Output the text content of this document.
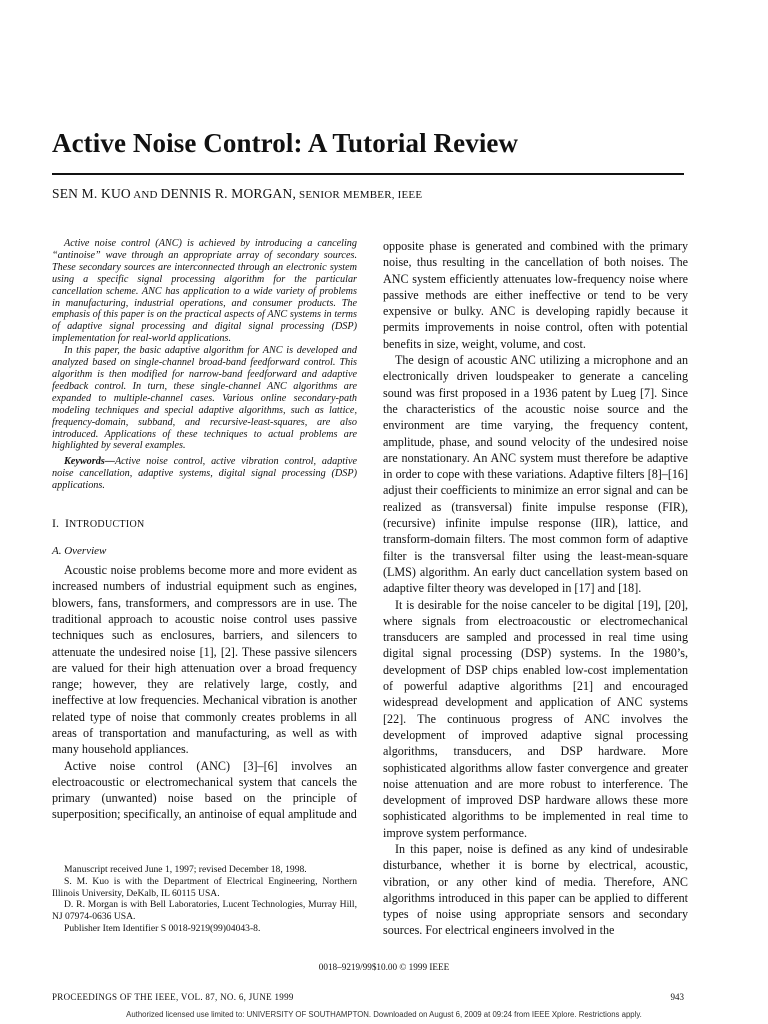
Active Noise Control: A Tutorial Review
SEN M. KUO AND DENNIS R. MORGAN, SENIOR MEMBER, IEEE

Active noise control (ANC) is achieved by introducing a canceling “antinoise” wave through an appropriate array of secondary sources. These secondary sources are interconnected through an electronic system using a specific signal processing algorithm for the particular cancellation scheme. ANC has application to a wide variety of problems in manufacturing, industrial operations, and consumer products. The emphasis of this paper is on the practical aspects of ANC systems in terms of adaptive signal processing and digital signal processing (DSP) implementation for real-world applications.

In this paper, the basic adaptive algorithm for ANC is developed and analyzed based on single-channel broad-band feedforward control. This algorithm is then modified for narrow-band feedforward and adaptive feedback control. In turn, these single-channel ANC algorithms are expanded to multiple-channel cases. Various online secondary-path modeling techniques and special adaptive algorithms, such as lattice, frequency-domain, subband, and recursive-least-squares, are also introduced. Applications of these techniques to actual problems are highlighted by several examples.

Keywords—Active noise control, active vibration control, adaptive noise cancellation, adaptive systems, digital signal processing (DSP) applications.

I. INTRODUCTION
A. Overview

Acoustic noise problems become more and more evident as increased numbers of industrial equipment such as engines, blowers, fans, transformers, and compressors are in use. The traditional approach to acoustic noise control uses passive techniques such as enclosures, barriers, and silencers to attenuate the undesired noise [1], [2]. These passive silencers are valued for their high attenuation over a broad frequency range; however, they are relatively large, costly, and ineffective at low frequencies. Mechanical vibration is another related type of noise that commonly creates problems in all areas of transportation and manufacturing, as well as with many household appliances.

Active noise control (ANC) [3]–[6] involves an electroacoustic or electromechanical system that cancels the primary (unwanted) noise based on the principle of superposition; specifically, an antinoise of equal amplitude and

Manuscript received June 1, 1997; revised December 18, 1998.

S. M. Kuo is with the Department of Electrical Engineering, Northern Illinois University, DeKalb, IL 60115 USA.

D. R. Morgan is with Bell Laboratories, Lucent Technologies, Murray Hill, NJ 07974-0636 USA.

Publisher Item Identifier S 0018-9219(99)04043-8.

opposite phase is generated and combined with the primary noise, thus resulting in the cancellation of both noises. The ANC system efficiently attenuates low-frequency noise where passive methods are either ineffective or tend to be very expensive or bulky. ANC is developing rapidly because it permits improvements in noise control, often with potential benefits in size, weight, volume, and cost.

The design of acoustic ANC utilizing a microphone and an electronically driven loudspeaker to generate a canceling sound was first proposed in a 1936 patent by Lueg [7]. Since the characteristics of the acoustic noise source and the environment are time varying, the frequency content, amplitude, phase, and sound velocity of the undesired noise are nonstationary. An ANC system must therefore be adaptive in order to cope with these variations. Adaptive filters [8]–[16] adjust their coefficients to minimize an error signal and can be realized as (transversal) finite impulse response (FIR), (recursive) infinite impulse response (IIR), lattice, and transform-domain filters. The most common form of adaptive filter is the transversal filter using the least-mean-square (LMS) algorithm. An early duct cancellation system based on adaptive filter theory was developed in [17] and [18].

It is desirable for the noise canceler to be digital [19], [20], where signals from electroacoustic or electromechanical transducers are sampled and processed in real time using digital signal processing (DSP) systems. In the 1980’s, development of DSP chips enabled low-cost implementation of powerful adaptive algorithms [21] and encouraged widespread development and application of ANC systems [22]. The continuous progress of ANC involves the development of improved adaptive signal processing algorithms, transducers, and DSP hardware. More sophisticated algorithms allow faster convergence and greater noise attenuation and are more robust to interference. The development of improved DSP hardware allows these more sophisticated algorithms to be implemented in real time to improve system performance.

In this paper, noise is defined as any kind of undesirable disturbance, whether it is borne by electrical, acoustic, vibration, or any other kind of media. Therefore, ANC algorithms introduced in this paper can be applied to different types of noise using appropriate sensors and secondary sources. For electrical engineers involved in the

0018–9219/99$10.00 © 1999 IEEE
PROCEEDINGS OF THE IEEE, VOL. 87, NO. 6, JUNE 1999	943
Authorized licensed use limited to: UNIVERSITY OF SOUTHAMPTON. Downloaded on August 6, 2009 at 09:24 from IEEE Xplore. Restrictions apply.
